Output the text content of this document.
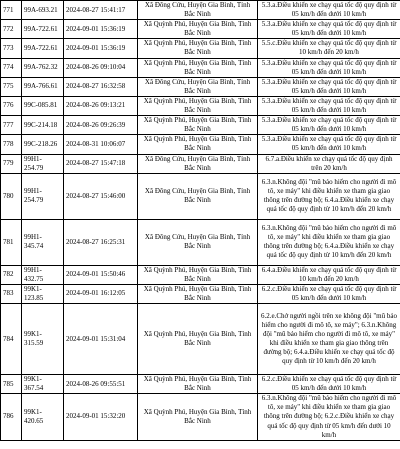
771	99A-693.21	2024-08-27 15:41:17	Xã Đông Cứu, Huyện Gia Bình, Tỉnh Bắc Ninh	5.3.a.Điều khiển xe chạy quá tốc độ quy định từ 05 km/h đến dưới 10 km/h
772	99A-722.61	2024-09-01 15:36:19	Xã Quỳnh Phú, Huyện Gia Bình, Tỉnh Bắc Ninh	5.3.a.Điều khiển xe chạy quá tốc độ quy định từ 05 km/h đến dưới 10 km/h
773	99A-722.61	2024-09-01 15:36:19	Xã Quỳnh Phú, Huyện Gia Bình, Tỉnh Bắc Ninh	5.5.c.Điều khiển xe chạy quá tốc độ quy định từ 10 km/h đến 20 km/h
774	99A-762.32	2024-08-26 09:10:04	Xã Quỳnh Phú, Huyện Gia Bình, Tỉnh Bắc Ninh	5.3.a.Điều khiển xe chạy quá tốc độ quy định từ 05 km/h đến dưới 10 km/h
775	99A-766.61	2024-08-27 16:32:58	Xã Đông Cứu, Huyện Gia Bình, Tỉnh Bắc Ninh	5.3.a.Điều khiển xe chạy quá tốc độ quy định từ 05 km/h đến dưới 10 km/h
776	99C-085.81	2024-08-26 09:13:21	Xã Quỳnh Phú, Huyện Gia Bình, Tỉnh Bắc Ninh	5.3.a.Điều khiển xe chạy quá tốc độ quy định từ 05 km/h đến dưới 10 km/h
777	99C-214.18	2024-08-26 09:26:39	Xã Quỳnh Phú, Huyện Gia Bình, Tỉnh Bắc Ninh	5.3.a.Điều khiển xe chạy quá tốc độ quy định từ 05 km/h đến dưới 10 km/h
778	99C-218.26	2024-08-31 10:06:07	Xã Quỳnh Phú, Huyện Gia Bình, Tỉnh Bắc Ninh	5.3.a.Điều khiển xe chạy quá tốc độ quy định từ 05 km/h đến dưới 10 km/h
779	99H1-254.79	2024-08-27 15:47:18	Xã Đông Cứu, Huyện Gia Bình, Tỉnh Bắc Ninh	6.7.a.Điều khiển xe chạy quá tốc độ quy định trên 20 km/h
780	99H1-254.79	2024-08-27 15:46:00	Xã Đông Cứu, Huyện Gia Bình, Tỉnh Bắc Ninh	6.3.n.Không đội "mũ bảo hiểm cho người đi mô tô, xe máy" khi điều khiển xe tham gia giao thông trên đường bộ; 6.4.a.Điều khiển xe chạy quá tốc độ quy định từ 10 km/h đến 20 km/h
781	99H1-345.74	2024-08-27 16:25:31	Xã Đông Cứu, Huyện Gia Bình, Tỉnh Bắc Ninh	6.3.n.Không đội "mũ bảo hiểm cho người đi mô tô, xe máy" khi điều khiển xe tham gia giao thông trên đường bộ; 6.4.a.Điều khiển xe chạy quá tốc độ quy định từ 10 km/h đến 20 km/h
782	99H1-432.75	2024-09-01 15:50:46	Xã Quỳnh Phú, Huyện Gia Bình, Tỉnh Bắc Ninh	6.4.a.Điều khiển xe chạy quá tốc độ quy định từ 10 km/h đến 20 km/h
783	99K1-123.85	2024-09-01 16:12:05	Xã Quỳnh Phú, Huyện Gia Bình, Tỉnh Bắc Ninh	6.2.c.Điều khiển xe chạy quá tốc độ quy định từ 05 km/h đến dưới 10 km/h
784	99K1-315.59	2024-09-01 15:31:04	Xã Quỳnh Phú, Huyện Gia Bình, Tỉnh Bắc Ninh	6.2.e.Chở người ngồi trên xe không đội "mũ bảo hiểm cho người đi mô tô, xe máy"; 6.3.n.Không đội "mũ bảo hiểm cho người đi mô tô, xe máy" khi điều khiển xe tham gia giao thông trên đường bộ; 6.4.a.Điều khiển xe chạy quá tốc độ quy định từ 10 km/h đến 20 km/h
785	99K1-367.54	2024-08-26 09:55:51	Xã Quỳnh Phú, Huyện Gia Bình, Tỉnh Bắc Ninh	6.2.c.Điều khiển xe chạy quá tốc độ quy định từ 05 km/h đến dưới 10 km/h
786	99K1-420.65	2024-09-01 15:32:20	Xã Quỳnh Phú, Huyện Gia Bình, Tỉnh Bắc Ninh	6.3.n.Không đội "mũ bảo hiểm cho người đi mô tô, xe máy" khi điều khiển xe tham gia giao thông trên đường bộ; 6.2.c.Điều khiển xe chạy quá tốc độ quy định từ 05 km/h đến dưới 10 km/h
